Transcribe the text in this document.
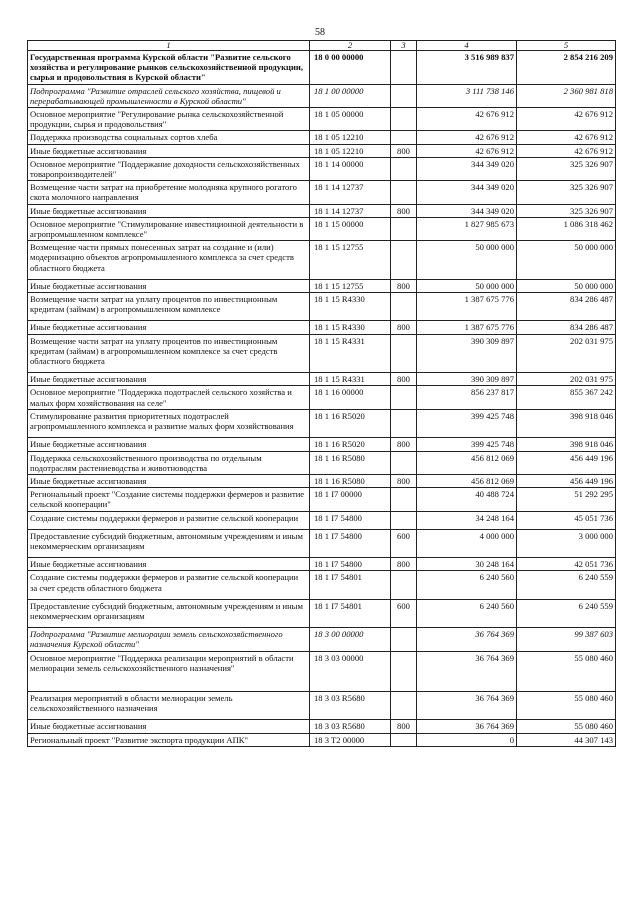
58
1	2	3	4	5
Государственная программа Курской области "Развитие сельского хозяйства и регулирование рынков сельскохозяйственной продукции, сырья и продовольствия в Курской области"	18 0 00 00000		3 516 989 837	2 854 216 209
Подпрограмма "Развитие отраслей сельского хозяйства, пищевой и перерабатывающей промышленности в Курской области"	18 1 00 00000		3 111 738 146	2 360 981 818
Основное мероприятие "Регулирование рынка сельскохозяйственной продукции, сырья и продовольствия"	18 1 05 00000		42 676 912	42 676 912
Поддержка производства социальных сортов хлеба	18 1 05 12210		42 676 912	42 676 912
Иные бюджетные ассигнования	18 1 05 12210	800	42 676 912	42 676 912
Основное мероприятие "Поддержание доходности сельскохозяйственных товаропроизводителей"	18 1 14 00000		344 349 020	325 326 907
Возмещение части затрат на приобретение молодняка крупного рогатого скота молочного направления	18 1 14 12737		344 349 020	325 326 907
Иные бюджетные ассигнования	18 1 14 12737	800	344 349 020	325 326 907
Основное мероприятие "Стимулирование инвестиционной деятельности в агропромышленном комплексе"	18 1 15 00000		1 827 985 673	1 086 318 462
Возмещение части прямых понесенных затрат на создание и (или) модернизацию объектов агропромышленного комплекса за счет средств областного бюджета	18 1 15 12755		50 000 000	50 000 000
Иные бюджетные ассигнования	18 1 15 12755	800	50 000 000	50 000 000
Возмещение части затрат на уплату процентов по инвестиционным кредитам (займам) в агропромышленном комплексе	18 1 15 R4330		1 387 675 776	834 286 487
Иные бюджетные ассигнования	18 1 15 R4330	800	1 387 675 776	834 286 487
Возмещение части затрат на уплату процентов по инвестиционным кредитам (займам) в агропромышленном комплексе за счет средств областного бюджета	18 1 15 R4331		390 309 897	202 031 975
Иные бюджетные ассигнования	18 1 15 R4331	800	390 309 897	202 031 975
Основное мероприятие "Поддержка подотраслей сельского хозяйства и малых форм хозяйствования на селе"	18 1 16 00000		856 237 817	855 367 242
Стимулирование развития приоритетных подотраслей агропромышленного комплекса и развитие малых форм хозяйствования	18 1 16 R5020		399 425 748	398 918 046
Иные бюджетные ассигнования	18 1 16 R5020	800	399 425 748	398 918 046
Поддержка сельскохозяйственного производства по отдельным подотраслям растениеводства и животноводства	18 1 16 R5080		456 812 069	456 449 196
Иные бюджетные ассигнования	18 1 16 R5080	800	456 812 069	456 449 196
Региональный проект "Создание системы поддержки фермеров и развитие сельской кооперации"	18 1 I7 00000		40 488 724	51 292 295
Создание системы поддержки фермеров и развитие сельской кооперации	18 1 I7 54800		34 248 164	45 051 736
Предоставление субсидий бюджетным, автономным учреждениям и иным некоммерческим организациям	18 1 I7 54800	600	4 000 000	3 000 000
Иные бюджетные ассигнования	18 1 I7 54800	800	30 248 164	42 051 736
Создание системы поддержки фермеров и развитие сельской кооперации за счет средств областного бюджета	18 1 I7 54801		6 240 560	6 240 559
Предоставление субсидий бюджетным, автономным учреждениям и иным некоммерческим организациям	18 1 I7 54801	600	6 240 560	6 240 559
Подпрограмма "Развитие мелиорации земель сельскохозяйственного назначения Курской области"	18 3 00 00000		36 764 369	99 387 603
Основное мероприятие "Поддержка реализации мероприятий в области мелиорации земель сельскохозяйственного назначения"	18 3 03 00000		36 764 369	55 080 460
Реализация мероприятий в области мелиорации земель сельскохозяйственного назначения	18 3 03 R5680		36 764 369	55 080 460
Иные бюджетные ассигнования	18 3 03 R5680	800	36 764 369	55 080 460
Региональный проект "Развитие экспорта продукции АПК"	18 3 T2 00000		0	44 307 143
